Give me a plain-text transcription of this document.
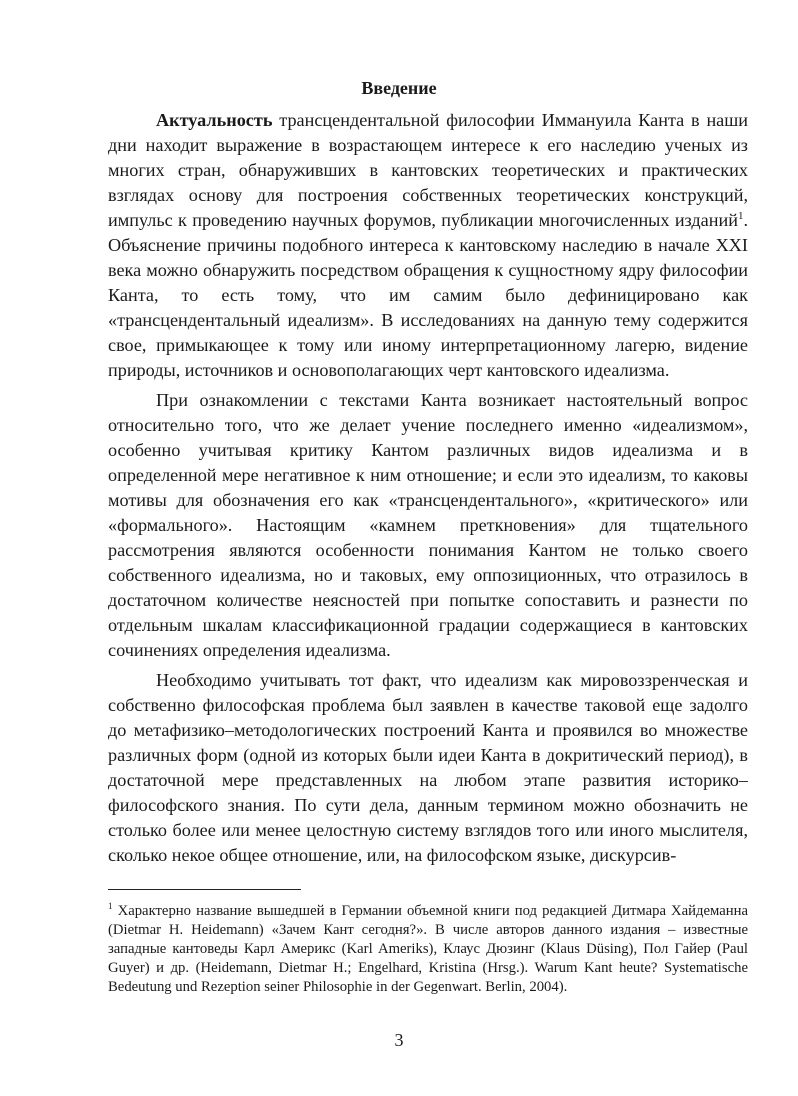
Введение

Актуальность трансцендентальной философии Иммануила Канта в наши дни находит выражение в возрастающем интересе к его наследию ученых из многих стран, обнаруживших в кантовских теоретических и практических взглядах основу для построения собственных теоретических конструкций, импульс к проведению научных форумов, публикации многочисленных изданий$^1$. Объяснение причины подобного интереса к кантовскому наследию в начале XXI века можно обнаружить посредством обращения к сущностному ядру философии Канта, то есть тому, что им самим было дефиницировано как «трансцендентальный идеализм». В исследованиях на данную тему содержится свое, примыкающее к тому или иному интерпретационному лагерю, видение природы, источников и основополагающих черт кантовского идеализма.

При ознакомлении с текстами Канта возникает настоятельный вопрос относительно того, что же делает учение последнего именно «идеализмом», особенно учитывая критику Кантом различных видов идеализма и в определенной мере негативное к ним отношение; и если это идеализм, то каковы мотивы для обозначения его как «трансцендентального», «критического» или «формального». Настоящим «камнем преткновения» для тщательного рассмотрения являются особенности понимания Кантом не только своего собственного идеализма, но и таковых, ему оппозиционных, что отразилось в достаточном количестве неясностей при попытке сопоставить и разнести по отдельным шкалам классификационной градации содержащиеся в кантовских сочинениях определения идеализма.

Необходимо учитывать тот факт, что идеализм как мировоззренческая и собственно философская проблема был заявлен в качестве таковой еще задолго до метафизико–методологических построений Канта и проявился во множестве различных форм (одной из которых были идеи Канта в докритический период), в достаточной мере представленных на любом этапе развития историко–философского знания. По сути дела, данным термином можно обозначить не столько более или менее целостную систему взглядов того или иного мыслителя, сколько некое общее отношение, или, на философском языке, дискурсив-

$^1$ Характерно название вышедшей в Германии объемной книги под редакцией Дитмара Хайдеманна (Dietmar H. Heidemann) «Зачем Кант сегодня?». В числе авторов данного издания – известные западные кантоведы Карл Америкс (Karl Ameriks), Клаус Дюзинг (Klaus Düsing), Пол Гайер (Paul Guyer) и др. (Heidemann, Dietmar H.; Engelhard, Kristina (Hrsg.). Warum Kant heute? Systematische Bedeutung und Rezeption seiner Philosophie in der Gegenwart. Berlin, 2004).
3
